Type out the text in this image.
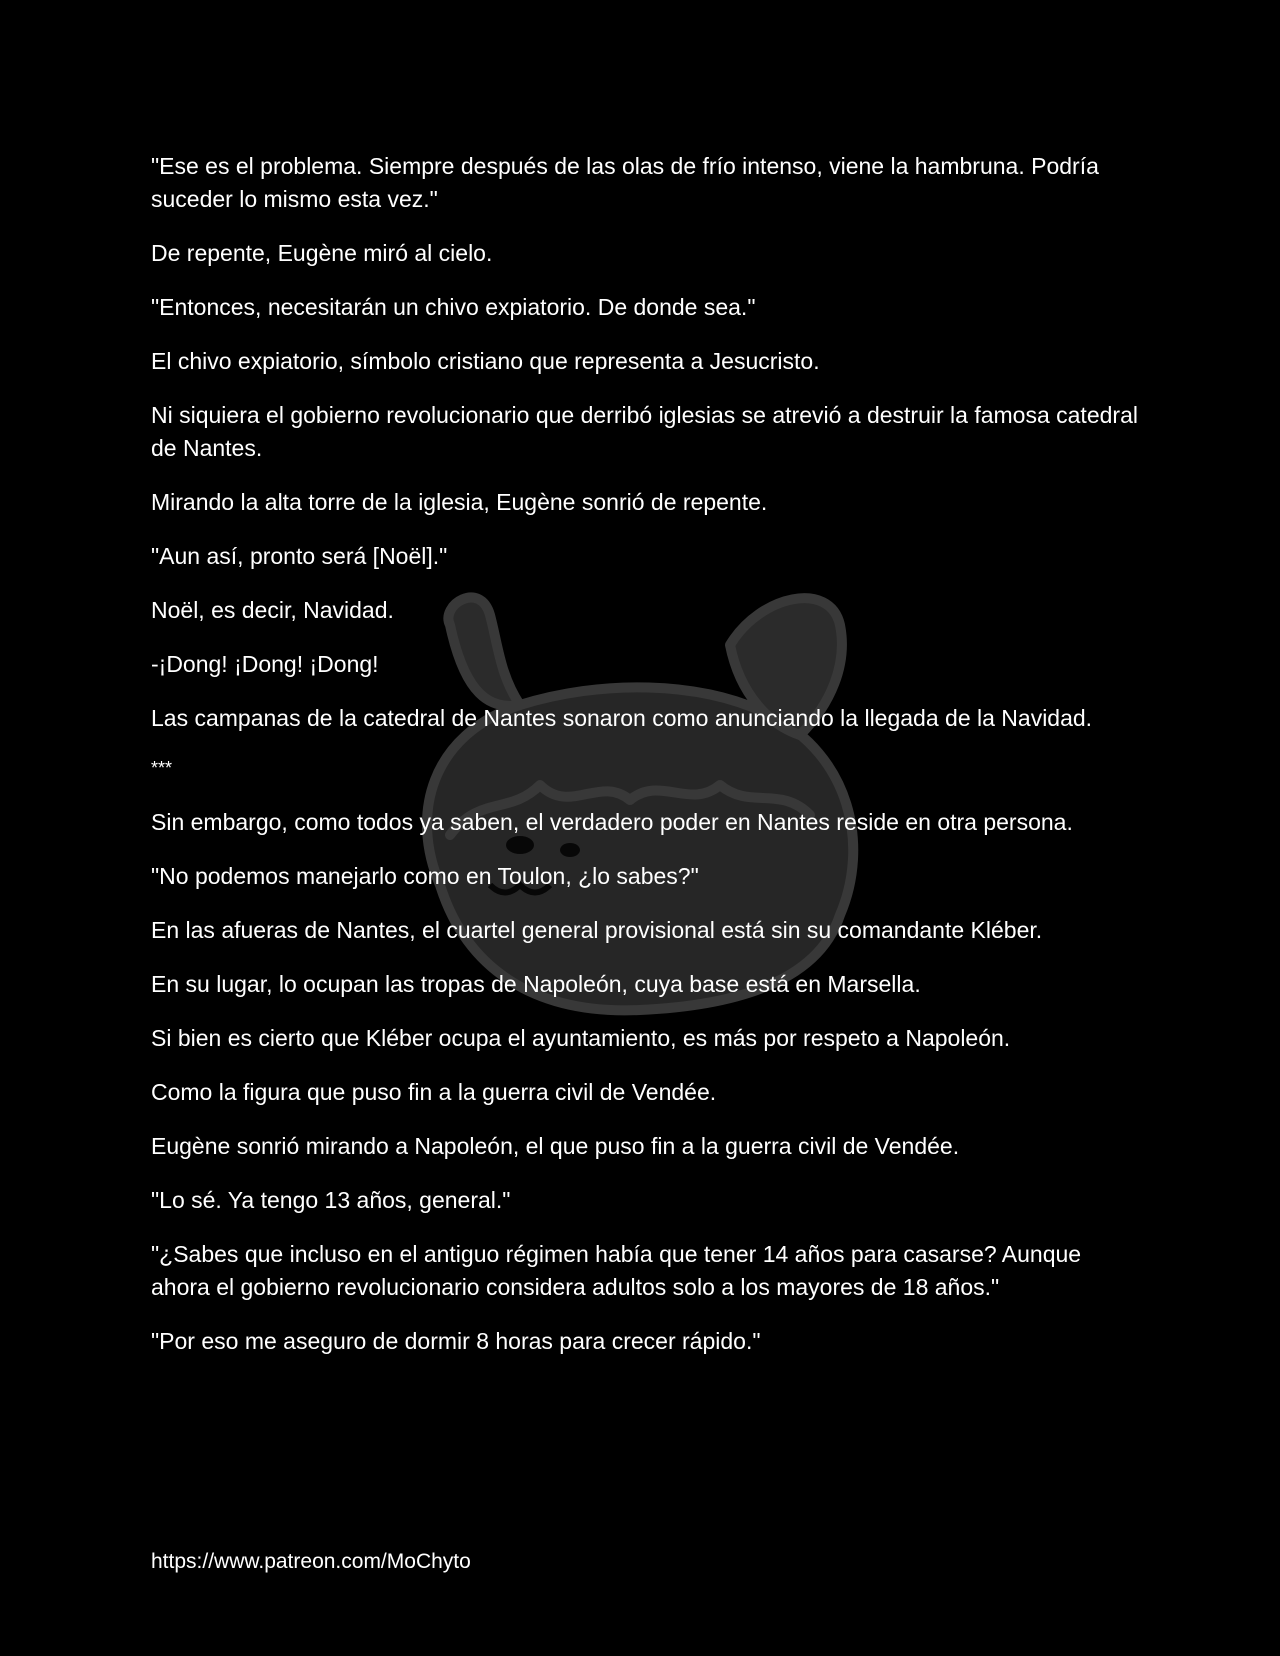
"Ese es el problema. Siempre después de las olas de frío intenso, viene la hambruna. Podría suceder lo mismo esta vez."

De repente, Eugène miró al cielo.

"Entonces, necesitarán un chivo expiatorio. De donde sea."

El chivo expiatorio, símbolo cristiano que representa a Jesucristo.

Ni siquiera el gobierno revolucionario que derribó iglesias se atrevió a destruir la famosa catedral de Nantes.

Mirando la alta torre de la iglesia, Eugène sonrió de repente.

"Aun así, pronto será [Noël]."

Noël, es decir, Navidad.

-¡Dong! ¡Dong! ¡Dong!

Las campanas de la catedral de Nantes sonaron como anunciando la llegada de la Navidad.

***

Sin embargo, como todos ya saben, el verdadero poder en Nantes reside en otra persona.

"No podemos manejarlo como en Toulon, ¿lo sabes?"

En las afueras de Nantes, el cuartel general provisional está sin su comandante Kléber.

En su lugar, lo ocupan las tropas de Napoleón, cuya base está en Marsella.

Si bien es cierto que Kléber ocupa el ayuntamiento, es más por respeto a Napoleón.

Como la figura que puso fin a la guerra civil de Vendée.

Eugène sonrió mirando a Napoleón, el que puso fin a la guerra civil de Vendée.

"Lo sé. Ya tengo 13 años, general."

"¿Sabes que incluso en el antiguo régimen había que tener 14 años para casarse? Aunque ahora el gobierno revolucionario considera adultos solo a los mayores de 18 años."

"Por eso me aseguro de dormir 8 horas para crecer rápido."

https://www.patreon.com/MoChyto
